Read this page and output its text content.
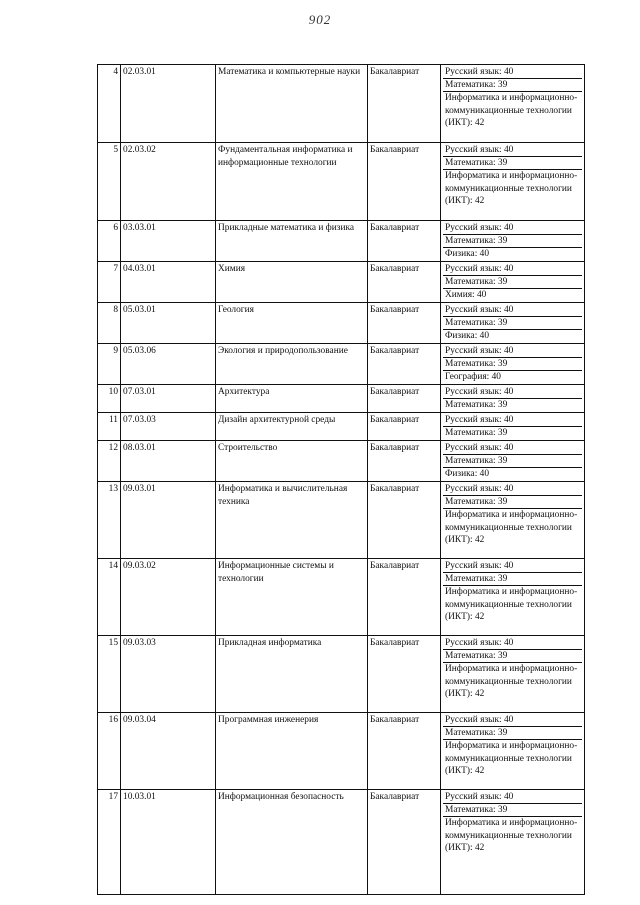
902
4	02.03.01	Математика и компьютерные науки	Бакалавриат	Русский язык: 40
Математика: 39
Информатика и информационно-коммуникационные технологии (ИКТ): 42

5	02.03.02	Фундаментальная информатика и информационные технологии	Бакалавриат	Русский язык: 40
Математика: 39
Информатика и информационно-коммуникационные технологии (ИКТ): 42

6	03.03.01	Прикладные математика и физика	Бакалавриат	Русский язык: 40
Математика: 39
Физика: 40

7	04.03.01	Химия	Бакалавриат	Русский язык: 40
Математика: 39
Химия: 40

8	05.03.01	Геология	Бакалавриат	Русский язык: 40
Математика: 39
Физика: 40

9	05.03.06	Экология и природопользование	Бакалавриат	Русский язык: 40
Математика: 39
География: 40

10	07.03.01	Архитектура	Бакалавриат	Русский язык: 40
Математика: 39

11	07.03.03	Дизайн архитектурной среды	Бакалавриат	Русский язык: 40
Математика: 39

12	08.03.01	Строительство	Бакалавриат	Русский язык: 40
Математика: 39
Физика: 40

13	09.03.01	Информатика и вычислительная техника	Бакалавриат	Русский язык: 40
Математика: 39
Информатика и информационно-коммуникационные технологии (ИКТ): 42

14	09.03.02	Информационные системы и технологии	Бакалавриат	Русский язык: 40
Математика: 39
Информатика и информационно-коммуникационные технологии (ИКТ): 42

15	09.03.03	Прикладная информатика	Бакалавриат	Русский язык: 40
Математика: 39
Информатика и информационно-коммуникационные технологии (ИКТ): 42

16	09.03.04	Программная инженерия	Бакалавриат	Русский язык: 40
Математика: 39
Информатика и информационно-коммуникационные технологии (ИКТ): 42

17	10.03.01	Информационная безопасность	Бакалавриат	Русский язык: 40
Математика: 39
Информатика и информационно-коммуникационные технологии (ИКТ): 42
